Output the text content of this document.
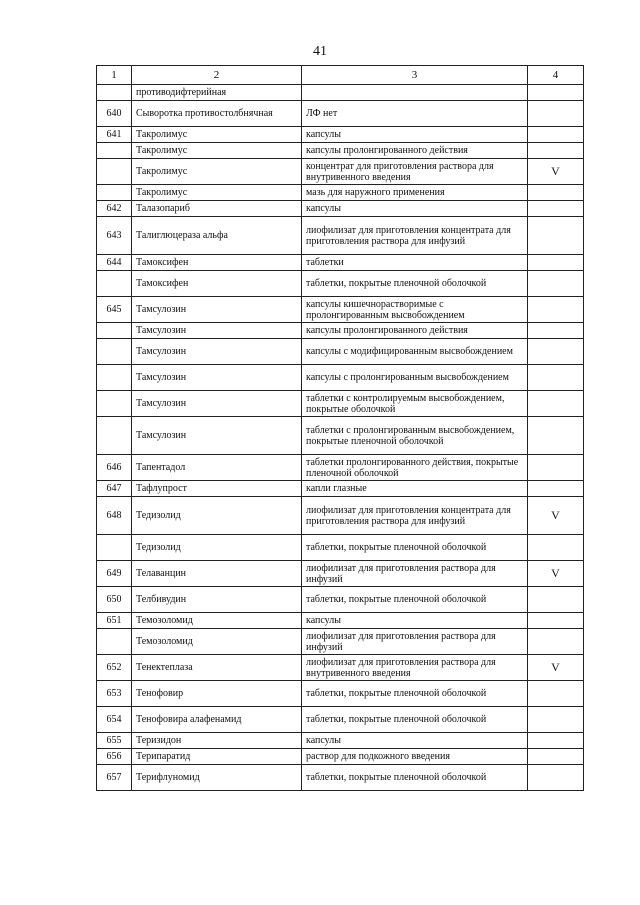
41
1	2	3	4
	противодифтерийная		
640	Сыворотка противостолбнячная	ЛФ нет	
641	Такролимус	капсулы	
	Такролимус	капсулы пролонгированного действия	
	Такролимус	концентрат для приготовления раствора для внутривенного введения	V
	Такролимус	мазь для наружного применения	
642	Талазопариб	капсулы	
643	Талиглюцераза альфа	лиофилизат для приготовления концентрата для приготовления раствора для инфузий	
644	Тамоксифен	таблетки	
	Тамоксифен	таблетки, покрытые пленочной оболочкой	
645	Тамсулозин	капсулы кишечнорастворимые с пролонгированным высвобождением	
	Тамсулозин	капсулы пролонгированного действия	
	Тамсулозин	капсулы с модифицированным высвобождением	
	Тамсулозин	капсулы с пролонгированным высвобождением	
	Тамсулозин	таблетки с контролируемым высвобождением, покрытые оболочкой	
	Тамсулозин	таблетки с пролонгированным высвобождением, покрытые пленочной оболочкой	
646	Тапентадол	таблетки пролонгированного действия, покрытые пленочной оболочкой	
647	Тафлупрост	капли глазные	
648	Тедизолид	лиофилизат для приготовления концентрата для приготовления раствора для инфузий	V
	Тедизолид	таблетки, покрытые пленочной оболочкой	
649	Телаванцин	лиофилизат для приготовления раствора для инфузий	V
650	Телбивудин	таблетки, покрытые пленочной оболочкой	
651	Темозоломид	капсулы	
	Темозоломид	лиофилизат для приготовления раствора для инфузий	
652	Тенектеплаза	лиофилизат для приготовления раствора для внутривенного введения	V
653	Тенофовир	таблетки, покрытые пленочной оболочкой	
654	Тенофовира алафенамид	таблетки, покрытые пленочной оболочкой	
655	Теризидон	капсулы	
656	Терипаратид	раствор для подкожного введения	
657	Терифлуномид	таблетки, покрытые пленочной оболочкой	
